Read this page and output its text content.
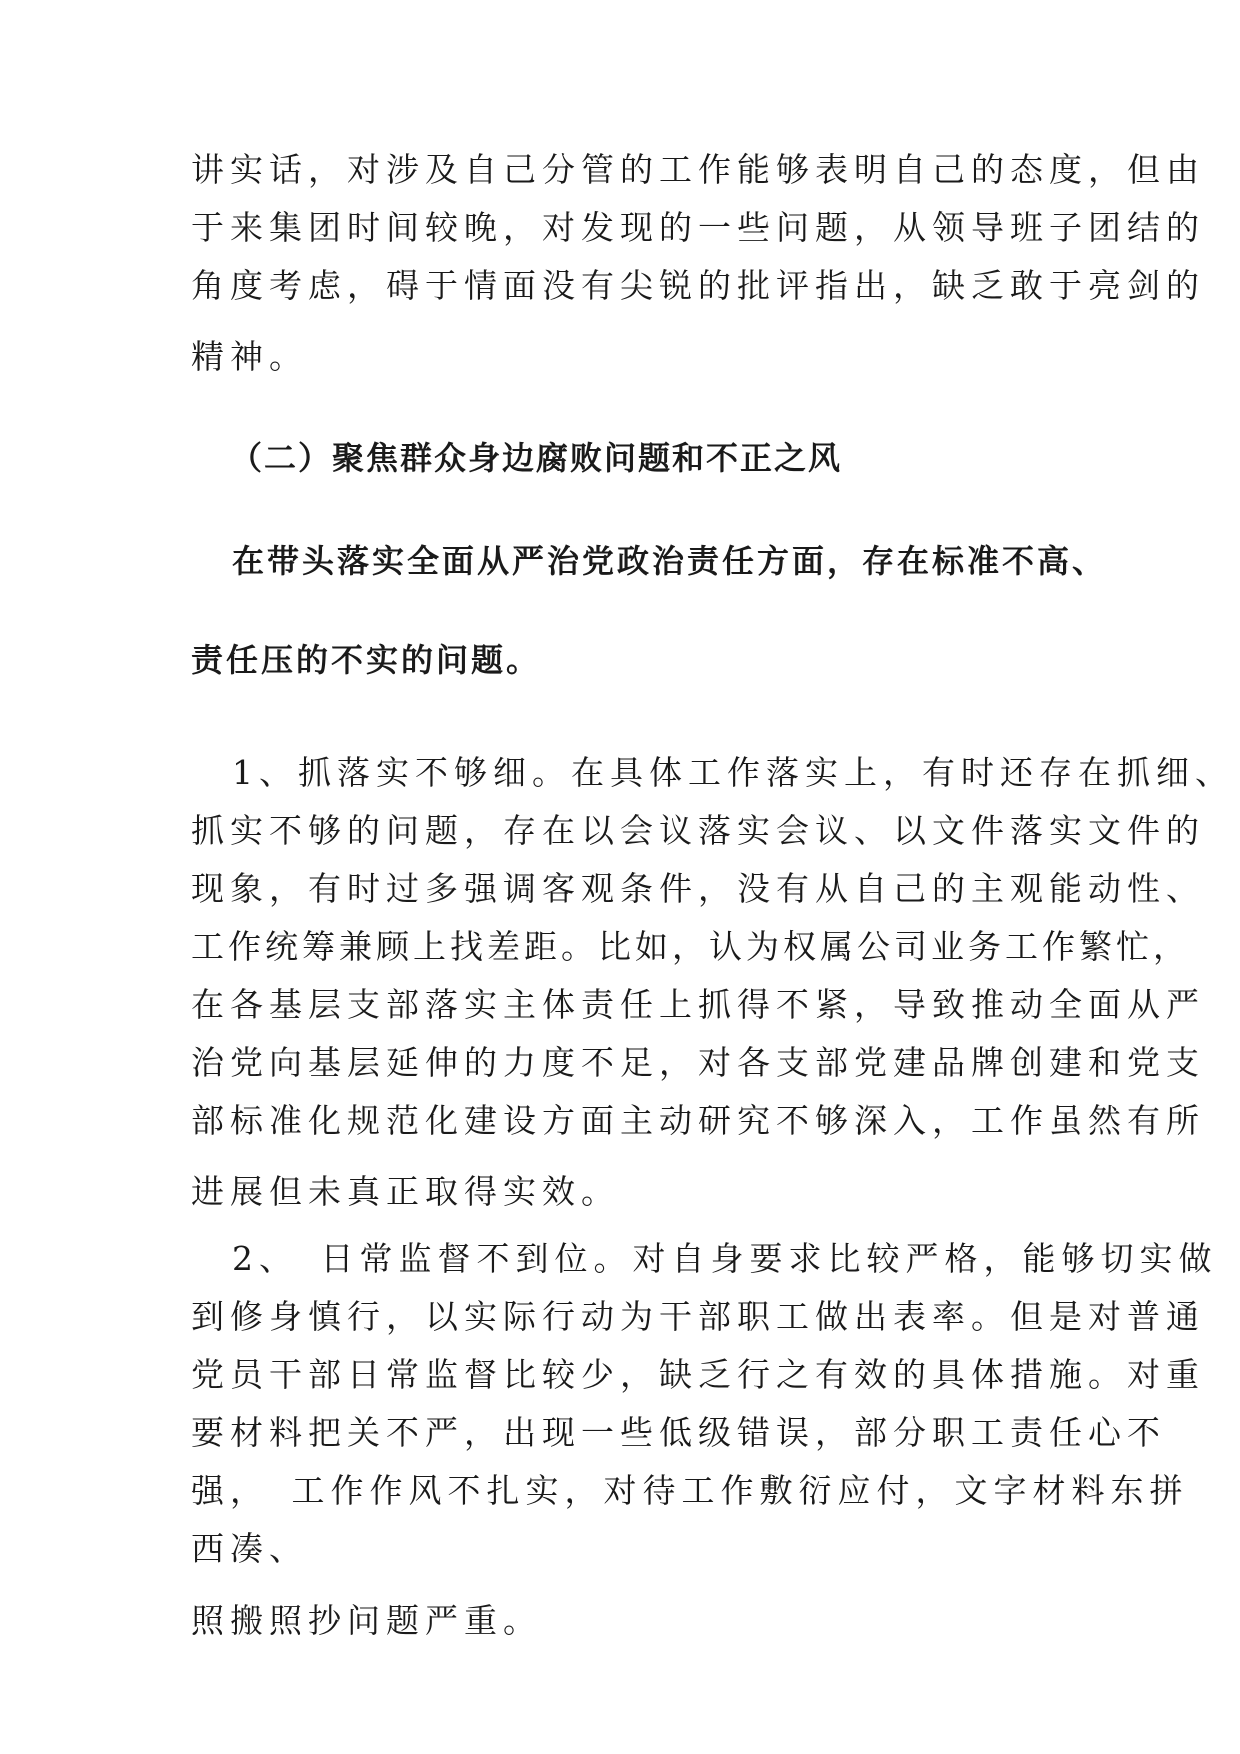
讲实话，对涉及自己分管的工作能够表明自己的态度，但由
于来集团时间较晚，对发现的一些问题，从领导班子团结的
角度考虑，碍于情面没有尖锐的批评指出，缺乏敢于亮剑的
精神。
（二）聚焦群众身边腐败问题和不正之风
在带头落实全面从严治党政治责任方面，存在标准不高、
责任压的不实的问题。
1、抓落实不够细。在具体工作落实上，有时还存在抓细、
抓实不够的问题，存在以会议落实会议、以文件落实文件的
现象，有时过多强调客观条件，没有从自己的主观能动性、
工作统筹兼顾上找差距。比如，认为权属公司业务工作繁忙，
在各基层支部落实主体责任上抓得不紧，导致推动全面从严
治党向基层延伸的力度不足，对各支部党建品牌创建和党支
部标准化规范化建设方面主动研究不够深入，工作虽然有所
进展但未真正取得实效。
2、　日常监督不到位。对自身要求比较严格，能够切实做
到修身慎行，以实际行动为干部职工做出表率。但是对普通
党员干部日常监督比较少，缺乏行之有效的具体措施。对重
要材料把关不严，出现一些低级错误，部分职工责任心不
强，　工作作风不扎实，对待工作敷衍应付，文字材料东拼
西凑、
照搬照抄问题严重。
